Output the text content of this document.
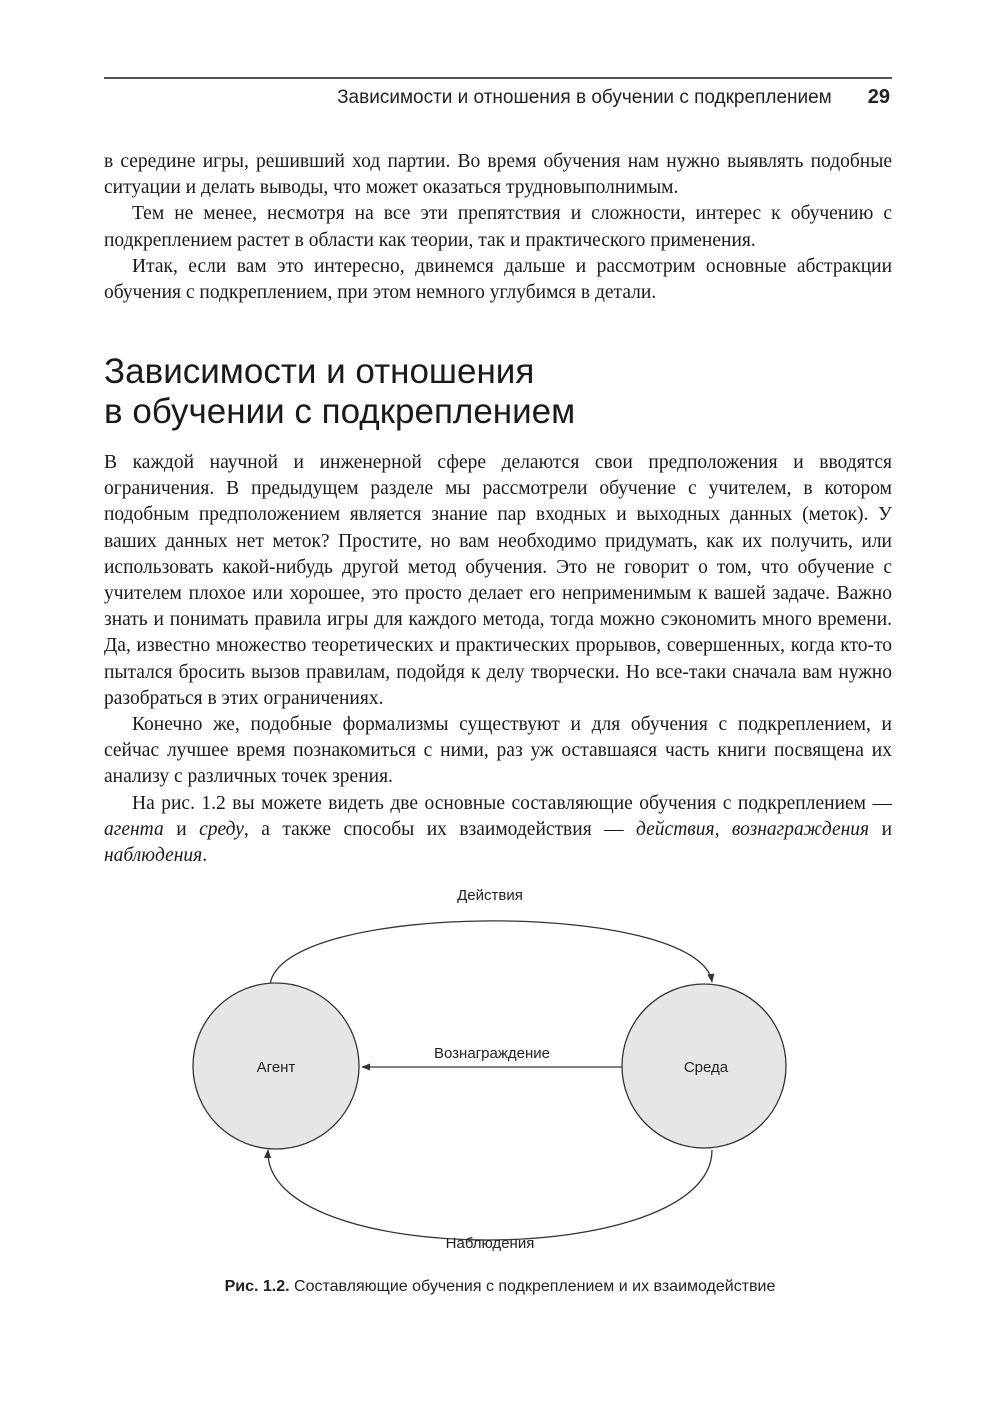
Зависимости и отношения в обучении с подкреплением 29

в середине игры, решивший ход партии. Во время обучения нам нужно выявлять подобные ситуации и делать выводы, что может оказаться трудновыполнимым.

Тем не менее, несмотря на все эти препятствия и сложности, интерес к обучению с подкреплением растет в области как теории, так и практического применения.

Итак, если вам это интересно, двинемся дальше и рассмотрим основные абстракции обучения с подкреплением, при этом немного углубимся в детали.

Зависимости и отношения
в обучении с подкреплением

В каждой научной и инженерной сфере делаются свои предположения и вводятся ограничения. В предыдущем разделе мы рассмотрели обучение с учителем, в котором подобным предположением является знание пар входных и выходных данных (меток). У ваших данных нет меток? Простите, но вам необходимо придумать, как их получить, или использовать какой-нибудь другой метод обучения. Это не говорит о том, что обучение с учителем плохое или хорошее, это просто делает его неприменимым к вашей задаче. Важно знать и понимать правила игры для каждого метода, тогда можно сэкономить много времени. Да, известно множество теоретических и практических прорывов, совершенных, когда кто-то пытался бросить вызов правилам, подойдя к делу творчески. Но все-таки сначала вам нужно разобраться в этих ограничениях.

Конечно же, подобные формализмы существуют и для обучения с подкреплением, и сейчас лучшее время познакомиться с ними, раз уж оставшаяся часть книги посвящена их анализу с различных точек зрения.

На рис. 1.2 вы можете видеть две основные составляющие обучения с подкреплением — агента и среду, а также способы их взаимодействия — действия, вознаграждения и наблюдения.

Действия
Вознаграждение
Агент	Среда
Наблюдения
Рис. 1.2. Составляющие обучения с подкреплением и их взаимодействие
